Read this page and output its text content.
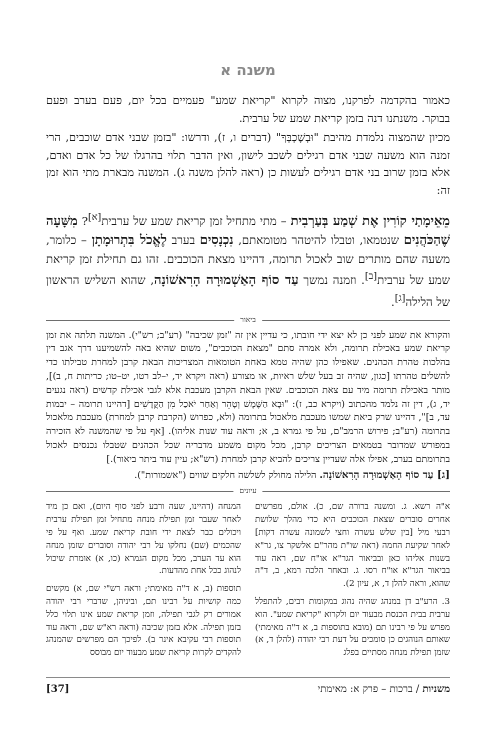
משנה א

כאמור בהקדמה לפרקנו, מצוה לקרוא "קריאת שמע" פעמיים בכל יום, פעם בערב ופעם בבוקר. משנתנו דנה בזמן קריאת שמע של ערבית.

מכיון שהמצוה נלמדת מהיבת "וּבְשָׁכְבְּךָ" (דברים ו, ז), ודרשו: "בזמן שבני אדם שוכבים, הרי זמנה הוא משעה שבני אדם רגילים לשכב לישון, ואין הדבר תלוי בהרגלו של כל אדם ואדם, אלא בזמן שרוב בני אדם רגילים לעשות כן (ראה להלן משנה ג). המשנה מבארת מתי הוא זמן זה:

מֵאֵימָתַי קוֹרִין אֶת שְׁמַע בְּעַרְבִית – מתי מתחיל זמן קריאת שמע של ערבית[א]? מִשָּׁעָה שֶׁהַכֹּהֲנִים שנטמאו, וטבלו להיטהר מטומאתם, נִכְנָסִים בערב לֶאֱכֹל בִּתְרוּמָתָן – כלומר, משעה שהם מותרים שוב לאכול תרומה, דהיינו מצאת הכוכבים. זהו גם תחילת זמן קריאת שמע של ערבית[ב]. וזמנה נמשך עַד סוֹף הָאַשְׁמוּרָה הָרִאשׁוֹנָה, שהוא השליש הראשון של הלילה[ג].
ביאור

והקורא את שמע לפני כן לא יצא ידי חובתו, כי עדיין אין זה "זמן שכיבה" (רע"ב; רש"י). המשנה תלתה את זמן קריאת שמע באכילת תרומה, ולא אמרה סתם "מצאת הכוכבים", משום שהיא באה להשמיענו דרך אגב דין בהלכות טהרת הכהנים. שאפילו כהן שהיה טמא באחת הטומאות המצריכות הבאת קרבן למחרת טבילתו כדי להשלים טהרתו [כגון, שהיה זב בעל שלש ראיות, או מצורע (ראה ויקרא יד, י–לב רטו, יט–טו; כריתות ח, ב)], מותר באכילת תרומה מיד עם צאת הכוכבים. שאין הבאת הקרבן מעכבת אלא לגבי אכילת קדשים (ראה נגעים יד, ג), דין זה נלמד מהכתוב (ויקרא כב, ז): "וּבָא הַשֶּׁמֶשׁ וְטָהֵר וְאַחַר יֹאכַל מִן הַקֳּדָשִׁים [דהיינו תרומה – יבמות עד, ב]", דהיינו שרק ביאת שמשו מעכבת מלאכול בתרומה (ולא, כפרוש (הקרבת קרבן למחרת) מעכבת מלאכול בתרומה (רע"ב; פירוש הרמב"ם, על פי גמרא ב, א; וראה עוד שנות אליהו). [אף על פי שהמשנה לא הזכירה במפורש שמדובר בטמאים הצריכים קרבן, מכל מקום משמע מדבריה שכל הכהנים שטבלו נכנסים לאכול בתרומתם בערב, אפילו אלה שעדיין צריכים להביא קרבן למחרת (רש"א; עיין עוד ביתר ביאור).]

[ג] עַד סוֹף הָאַשְׁמוּרָה הָרִאשׁוֹנָה. הלילה מחולק לשלשה חלקים שווים ("אשמורות").

עיונים

א"ה רשא. ג. ומשנה ברורה שם, כ). אולם, מפרשים אחרים סוברים שצאת הכוכבים היא כדי מהלך שלושת רבעי מיל [בין שלש עשרה וחצי לשמונה עשרה דקות] לאחר שקיעת החמה (ראה שו"ת מהר"ם אלשקר צו, גר"א בשנות אליהו כאן ובביאור הגר"א או"ח שם, ראה עוד בביאור הגר"א או"ח רסו. ג. ובאחר הלכה רמא, ב, ד"ה שהוא, וראה להלן ד, א, עיון 2).

3. הרע"ב דן במנהג שהיה נהוג במקומות רבים, להתפלל ערבית בבית הכנסת מבעוד יום ולקרוא "קריאת שמע". הוא מפרש על פי רבינו תם (מובא בתוספות ב, א ד"ה מאימתי) שאותם הנוהגים כן סומכים על דעת רבי יהודה (להלן ד, א) שזמן תפילת מנחה מסתיים בפלג

המנחה (דהיינו, שעה ורבע לפני סוף היום), ואם כן מיד לאחר שעבר זמן תפילת מנחה מתחיל זמן תפילת ערבית ויכולים כבר לצאת ידי חובת קריאת שמע. ואף על פי שהכמים (שם) נחלקו על רבי יהודה וסוברים שזמן מנחה הוא עד הערב, מכל מקום הגמרא (כו, א) אומרת שיכול לנהוג ככל אחת מהדעות.

תוספות (ב, א ד"ה מאימתי; וראה רש"י שם, א) מקשים כמה קושיות על רבינו תם, וביניהן, שדברי רבי יהודה אמורים רק לגבי תפילה, וזמן קריאת שמע אינו תלוי כלל בזמן תפילה. אלא בזמן שכיבה (וראה רא"ש שם, וראה עוד תוספות רבי עקיבא אינר ב). לפיכך הם מפרשים שהמנהג להקדים לקרות קריאת שמע מבעוד יום מבוסס

משניות / ברכות – פרק א: מאימתי
[37]
